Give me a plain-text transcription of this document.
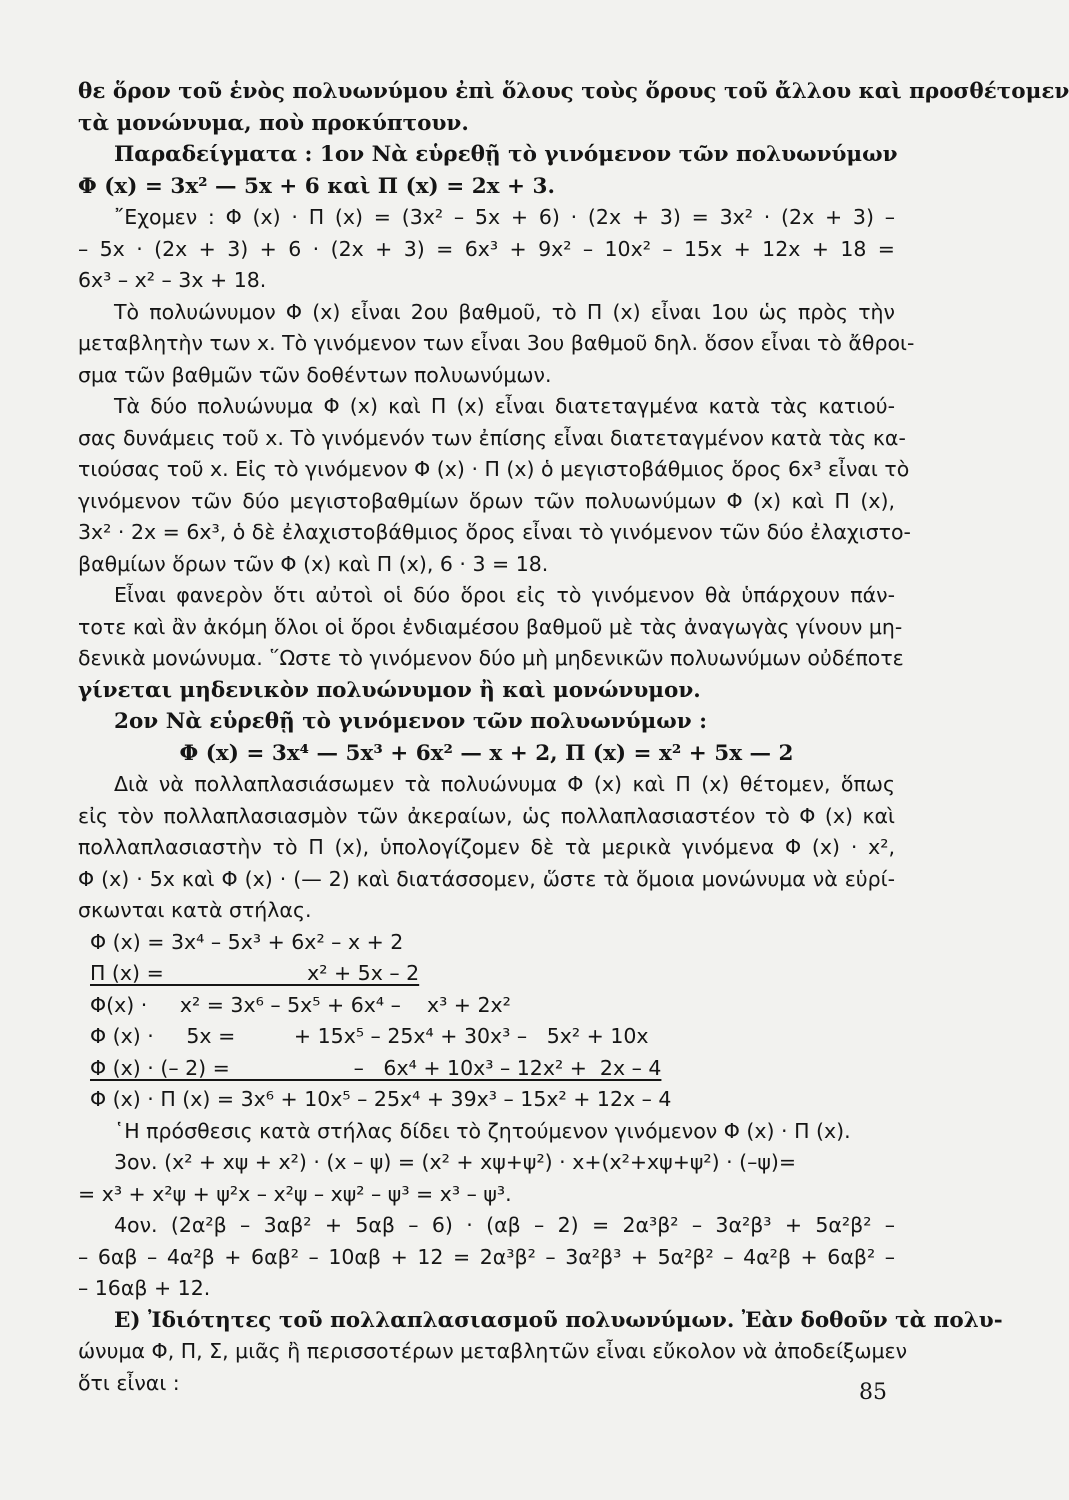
θε ὅρον τοῦ ἑνὸς πολυωνύμου ἐπὶ ὅλους τοὺς ὅρους τοῦ ἄλλου καὶ προσθέτομεν
τὰ μονώνυμα, ποὺ προκύπτουν.
Παραδείγματα : 1ον Νὰ εὑρεθῇ τὸ γινόμενον τῶν πολυωνύμων
Φ (x) = 3x² — 5x + 6 καὶ Π (x) = 2x + 3.
῎Εχομεν : Φ (x) · Π (x) = (3x² – 5x + 6) · (2x + 3) = 3x² · (2x + 3) –
– 5x · (2x + 3) + 6 · (2x + 3) = 6x³ + 9x² – 10x² – 15x + 12x + 18 =
6x³ – x² – 3x + 18.
Τὸ πολυώνυμον Φ (x) εἶναι 2ου βαθμοῦ, τὸ Π (x) εἶναι 1ου ὡς πρὸς τὴν
μεταβλητὴν των x. Τὸ γινόμενον των εἶναι 3ου βαθμοῦ δηλ. ὅσον εἶναι τὸ ἄθροι-
σμα τῶν βαθμῶν τῶν δοθέντων πολυωνύμων.
Τὰ δύο πολυώνυμα Φ (x) καὶ Π (x) εἶναι διατεταγμένα κατὰ τὰς κατιού-
σας δυνάμεις τοῦ x. Τὸ γινόμενόν των ἐπίσης εἶναι διατεταγμένον κατὰ τὰς κα-
τιούσας τοῦ x. Εἰς τὸ γινόμενον Φ (x) · Π (x) ὁ μεγιστοβάθμιος ὅρος 6x³ εἶναι τὸ
γινόμενον τῶν δύο μεγιστοβαθμίων ὅρων τῶν πολυωνύμων Φ (x) καὶ Π (x),
3x² · 2x = 6x³, ὁ δὲ ἐλαχιστοβάθμιος ὅρος εἶναι τὸ γινόμενον τῶν δύο ἐλαχιστο-
βαθμίων ὅρων τῶν Φ (x) καὶ Π (x), 6 · 3 = 18.
Εἶναι φανερὸν ὅτι αὐτοὶ οἱ δύο ὅροι εἰς τὸ γινόμενον θὰ ὑπάρχουν πάν-
τοτε καὶ ἂν ἀκόμη ὅλοι οἱ ὅροι ἐνδιαμέσου βαθμοῦ μὲ τὰς ἀναγωγὰς γίνουν μη-
δενικὰ μονώνυμα. ῞Ωστε τὸ γινόμενον δύο μὴ μηδενικῶν πολυωνύμων οὐδέποτε
γίνεται μηδενικὸν πολυώνυμον ἢ καὶ μονώνυμον.
2ον Νὰ εὑρεθῇ τὸ γινόμενον τῶν πολυωνύμων :
Φ (x) = 3x⁴ — 5x³ + 6x² — x + 2, Π (x) = x² + 5x — 2
Διὰ νὰ πολλαπλασιάσωμεν τὰ πολυώνυμα Φ (x) καὶ Π (x) θέτομεν, ὅπως
εἰς τὸν πολλαπλασιασμὸν τῶν ἀκεραίων, ὡς πολλαπλασιαστέον τὸ Φ (x) καὶ
πολλαπλασιαστὴν τὸ Π (x), ὑπολογίζομεν δὲ τὰ μερικὰ γινόμενα Φ (x) · x²,
Φ (x) · 5x καὶ Φ (x) · (— 2) καὶ διατάσσομεν, ὥστε τὰ ὅμοια μονώνυμα νὰ εὑρί-
σκωνται κατὰ στήλας.
Φ (x) = 3x⁴ – 5x³ + 6x² – x + 2
Π (x) =                      x² + 5x – 2
Φ(x) ·     x² = 3x⁶ – 5x⁵ + 6x⁴ –    x³ + 2x²
Φ (x) ·     5x =         + 15x⁵ – 25x⁴ + 30x³ –   5x² + 10x
Φ (x) · (– 2) =                   –   6x⁴ + 10x³ – 12x² +  2x – 4
Φ (x) · Π (x) = 3x⁶ + 10x⁵ – 25x⁴ + 39x³ – 15x² + 12x – 4
῾Η πρόσθεσις κατὰ στήλας δίδει τὸ ζητούμενον γινόμενον Φ (x) · Π (x).
3ον. (x² + xψ + x²) · (x – ψ) = (x² + xψ+ψ²) · x+(x²+xψ+ψ²) · (–ψ)=
= x³ + x²ψ + ψ²x – x²ψ – xψ² – ψ³ = x³ – ψ³.
4ον. (2α²β – 3αβ² + 5αβ – 6) · (αβ – 2) = 2α³β² – 3α²β³ + 5α²β² –
– 6αβ – 4α²β + 6αβ² – 10αβ + 12 = 2α³β² – 3α²β³ + 5α²β² – 4α²β + 6αβ² –
– 16αβ + 12.
Ε) Ἰδιότητες τοῦ πολλαπλασιασμοῦ πολυωνύμων. Ἐὰν δοθοῦν τὰ πολυ-
ώνυμα Φ, Π, Σ, μιᾶς ἢ περισσοτέρων μεταβλητῶν εἶναι εὔκολον νὰ ἀποδείξωμεν
ὅτι εἶναι :	85
